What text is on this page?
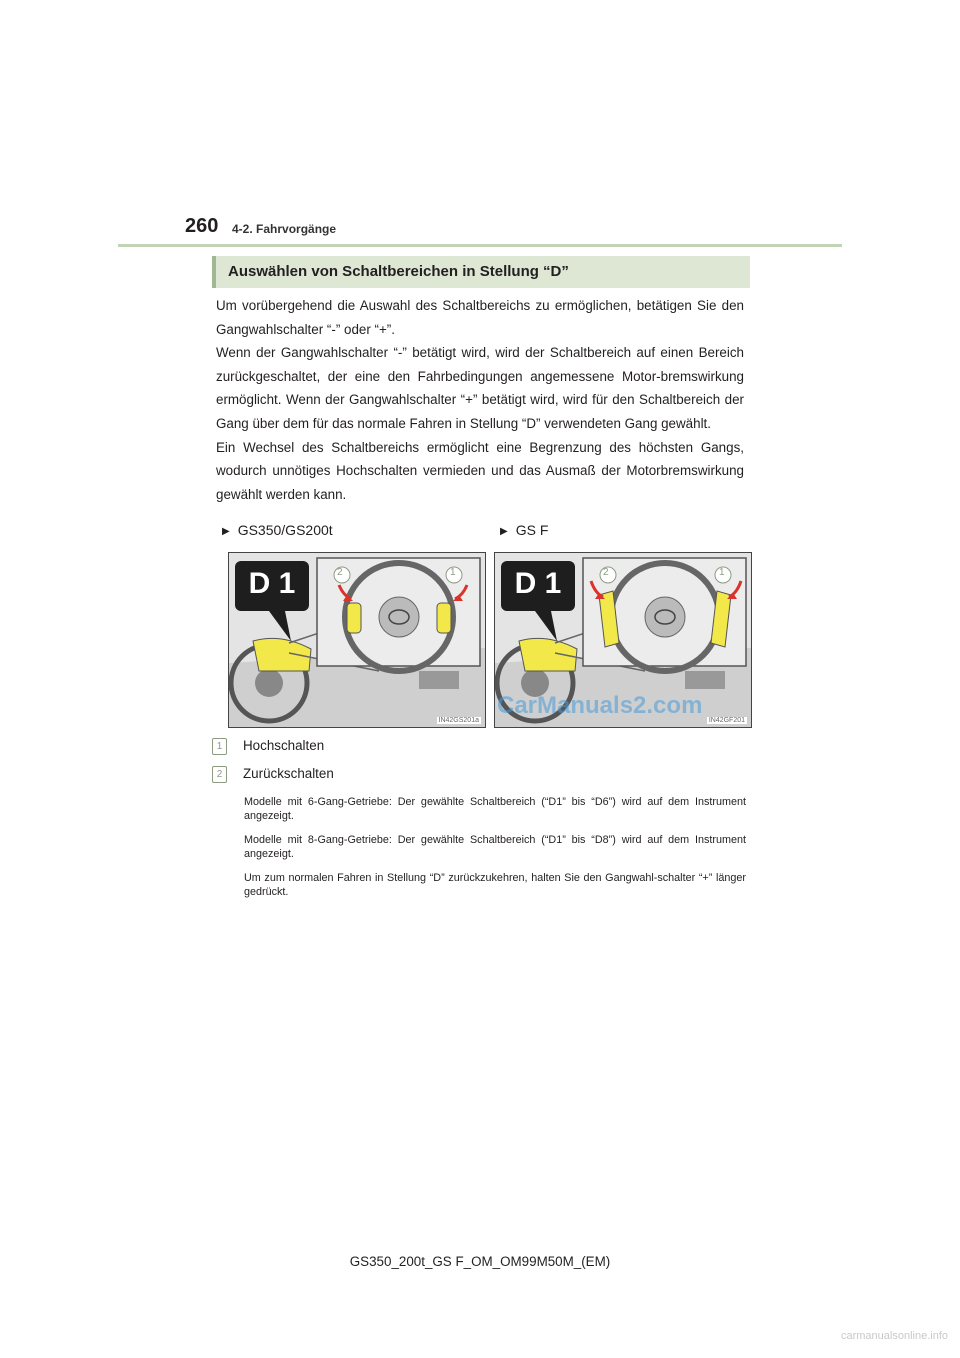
260 4-2. Fahrvorgänge
Auswählen von Schaltbereichen in Stellung “D”

Um vorübergehend die Auswahl des Schaltbereichs zu ermöglichen, betätigen Sie den Gangwahlschalter “-” oder “+”.

Wenn der Gangwahlschalter “-” betätigt wird, wird der Schaltbereich auf einen Bereich zurückgeschaltet, der eine den Fahrbedingungen angemessene Motor-bremswirkung ermöglicht. Wenn der Gangwahlschalter “+” betätigt wird, wird für den Schaltbereich der Gang über dem für das normale Fahren in Stellung “D” verwendeten Gang gewählt.

Ein Wechsel des Schaltbereichs ermöglicht eine Begrenzung des höchsten Gangs, wodurch unnötiges Hochschalten vermieden und das Ausmaß der Motorbremswirkung gewählt werden kann.

▶ GS350/GS200t	▶ GS F
D 1	2	1
IN42GS201a
D 1	2	1
IN42GF201
CarManuals2.com
1 Hochschalten
2 Zurückschalten

Modelle mit 6-Gang-Getriebe: Der gewählte Schaltbereich (“D1” bis “D6”) wird auf dem Instrument angezeigt.

Modelle mit 8-Gang-Getriebe: Der gewählte Schaltbereich (“D1” bis “D8”) wird auf dem Instrument angezeigt.

Um zum normalen Fahren in Stellung “D” zurückzukehren, halten Sie den Gangwahl-schalter “+” länger gedrückt.

GS350_200t_GS F_OM_OM99M50M_(EM)
carmanualsonline.info
